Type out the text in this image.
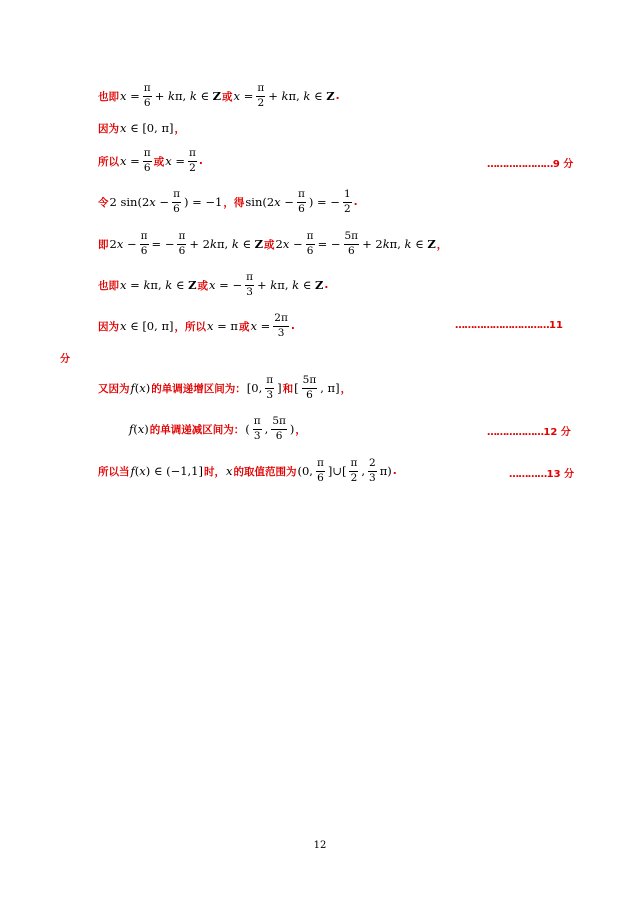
也即 $x = \frac{\pi}{6} + k\pi$, k ∈ Z 或 $x = \frac{\pi}{2} + k\pi$, k ∈ Z .
因为 x ∈ [0, π] ，
所以 $x = \frac{\pi}{6}$ 或 $x = \frac{\pi}{2}$ .	…………………9 分
令 2 $\sin(2x - \frac{\pi}{6}$ ) = −1 ，得 $\sin(2x - \frac{\pi}{6}$ ) = − $\frac{1}{2}$ .
即 $2x - \frac{\pi}{6}$ = − $\frac{\pi}{6} + 2k\pi$, k ∈ Z 或 $2x - \frac{\pi}{6}$ = − $\frac{5\pi}{6} + 2k\pi$, k ∈ Z ，
也即 x = kπ, k ∈ Z 或 x = − $\frac{\pi}{3} + k\pi$, k ∈ Z .
因为 x ∈ [0, π] ，所以 x = π 或 $x = \frac{2\pi}{3}$ .	…………………………11
分
又因为 f(x) 的单调递增区间为： [0, $\frac{\pi}{3}$ ] 和 [ $\frac{5\pi}{6}$ , π] ，
f(x) 的单调递减区间为： ( $\frac{\pi}{3}$ , $\frac{5\pi}{6}$ ) ，	………………12 分
所以当 f(x) ∈ (−1,1] 时， x 的取值范围为 (0, $\frac{\pi}{6}$ ]∪[ $\frac{\pi}{2}$ , $\frac{2}{3} \pi$) .	…………13 分
12
